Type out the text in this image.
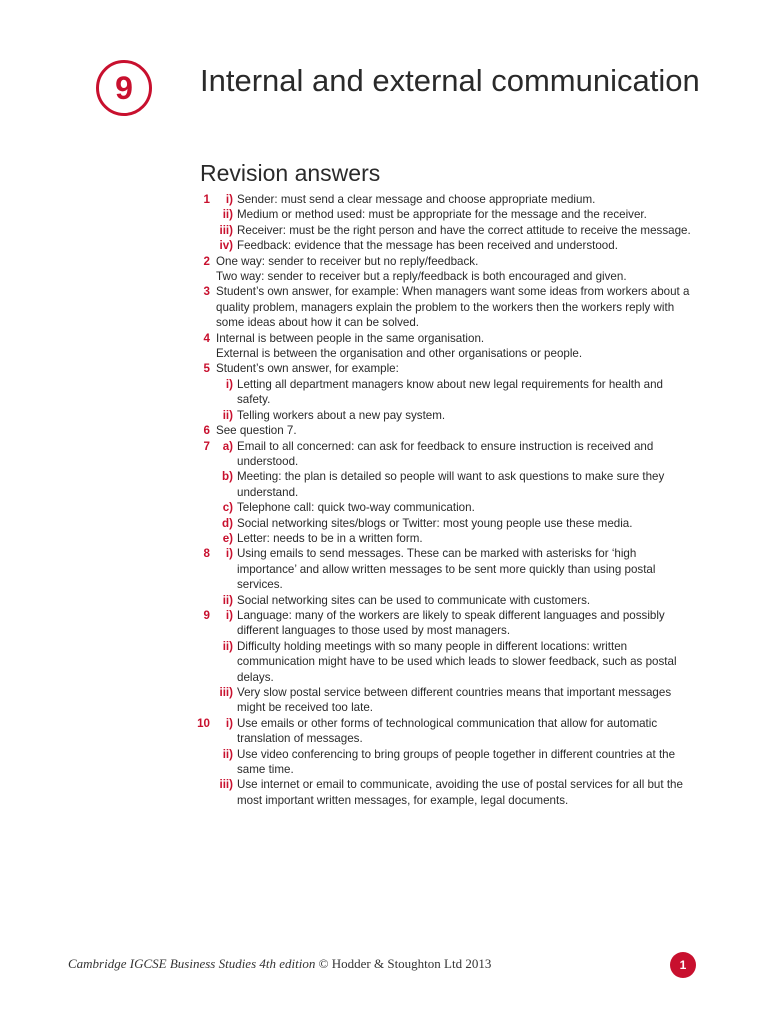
9 Internal and external communication
Revision answers
1	i) Sender: must send a clear message and choose appropriate medium.
ii) Medium or method used: must be appropriate for the message and the receiver.
iii) Receiver: must be the right person and have the correct attitude to receive the message.
iv) Feedback: evidence that the message has been received and understood.
2 One way: sender to receiver but no reply/feedback.
Two way: sender to receiver but a reply/feedback is both encouraged and given.
3 Student’s own answer, for example: When managers want some ideas from workers about a quality problem, managers explain the problem to the workers then the workers reply with some ideas about how it can be solved.
4 Internal is between people in the same organisation.
External is between the organisation and other organisations or people.
5 Student’s own answer, for example:
i) Letting all department managers know about new legal requirements for health and safety.
ii) Telling workers about a new pay system.
6 See question 7.
7	a) Email to all concerned: can ask for feedback to ensure instruction is received and understood.
b) Meeting: the plan is detailed so people will want to ask questions to make sure they understand.
c) Telephone call: quick two-way communication.
d) Social networking sites/blogs or Twitter: most young people use these media.
e) Letter: needs to be in a written form.
8	i) Using emails to send messages. These can be marked with asterisks for ‘high importance’ and allow written messages to be sent more quickly than using postal services.
ii) Social networking sites can be used to communicate with customers.
9	i) Language: many of the workers are likely to speak different languages and possibly different languages to those used by most managers.
ii) Difficulty holding meetings with so many people in different locations: written communication might have to be used which leads to slower feedback, such as postal delays.
iii) Very slow postal service between different countries means that important messages might be received too late.
10	i) Use emails or other forms of technological communication that allow for automatic translation of messages.
ii) Use video conferencing to bring groups of people together in different countries at the same time.
iii) Use internet or email to communicate, avoiding the use of postal services for all but the most important written messages, for example, legal documents.
Cambridge IGCSE Business Studies 4th edition © Hodder & Stoughton Ltd 2013	1
